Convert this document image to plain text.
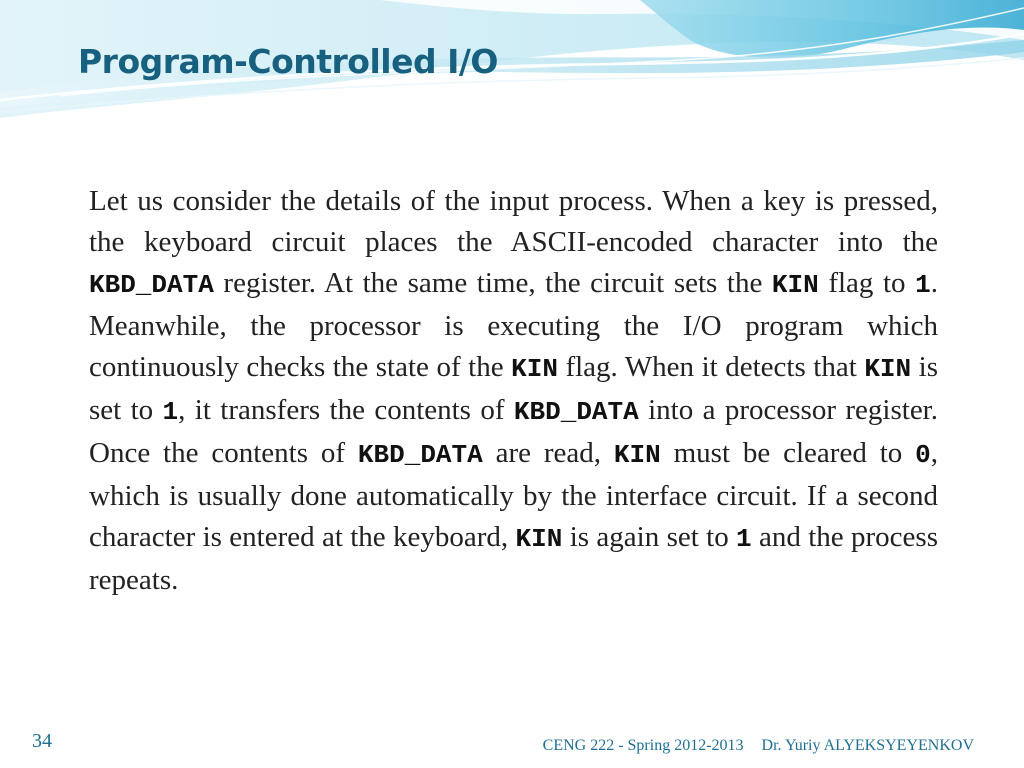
Program-Controlled I/O

Let us consider the details of the input process. When a key is pressed, the keyboard circuit places the ASCII-encoded character into the KBD_DATA register. At the same time, the circuit sets the KIN flag to 1. Meanwhile, the processor is executing the I/O program which continuously checks the state of the KIN flag. When it detects that KIN is set to 1, it transfers the contents of KBD_DATA into a processor register. Once the contents of KBD_DATA are read, KIN must be cleared to 0, which is usually done automatically by the interface circuit. If a second character is entered at the keyboard, KIN is again set to 1 and the process repeats.

34	CENG 222 - Spring 2012-2013 Dr. Yuriy ALYEKSYEYENKOV
